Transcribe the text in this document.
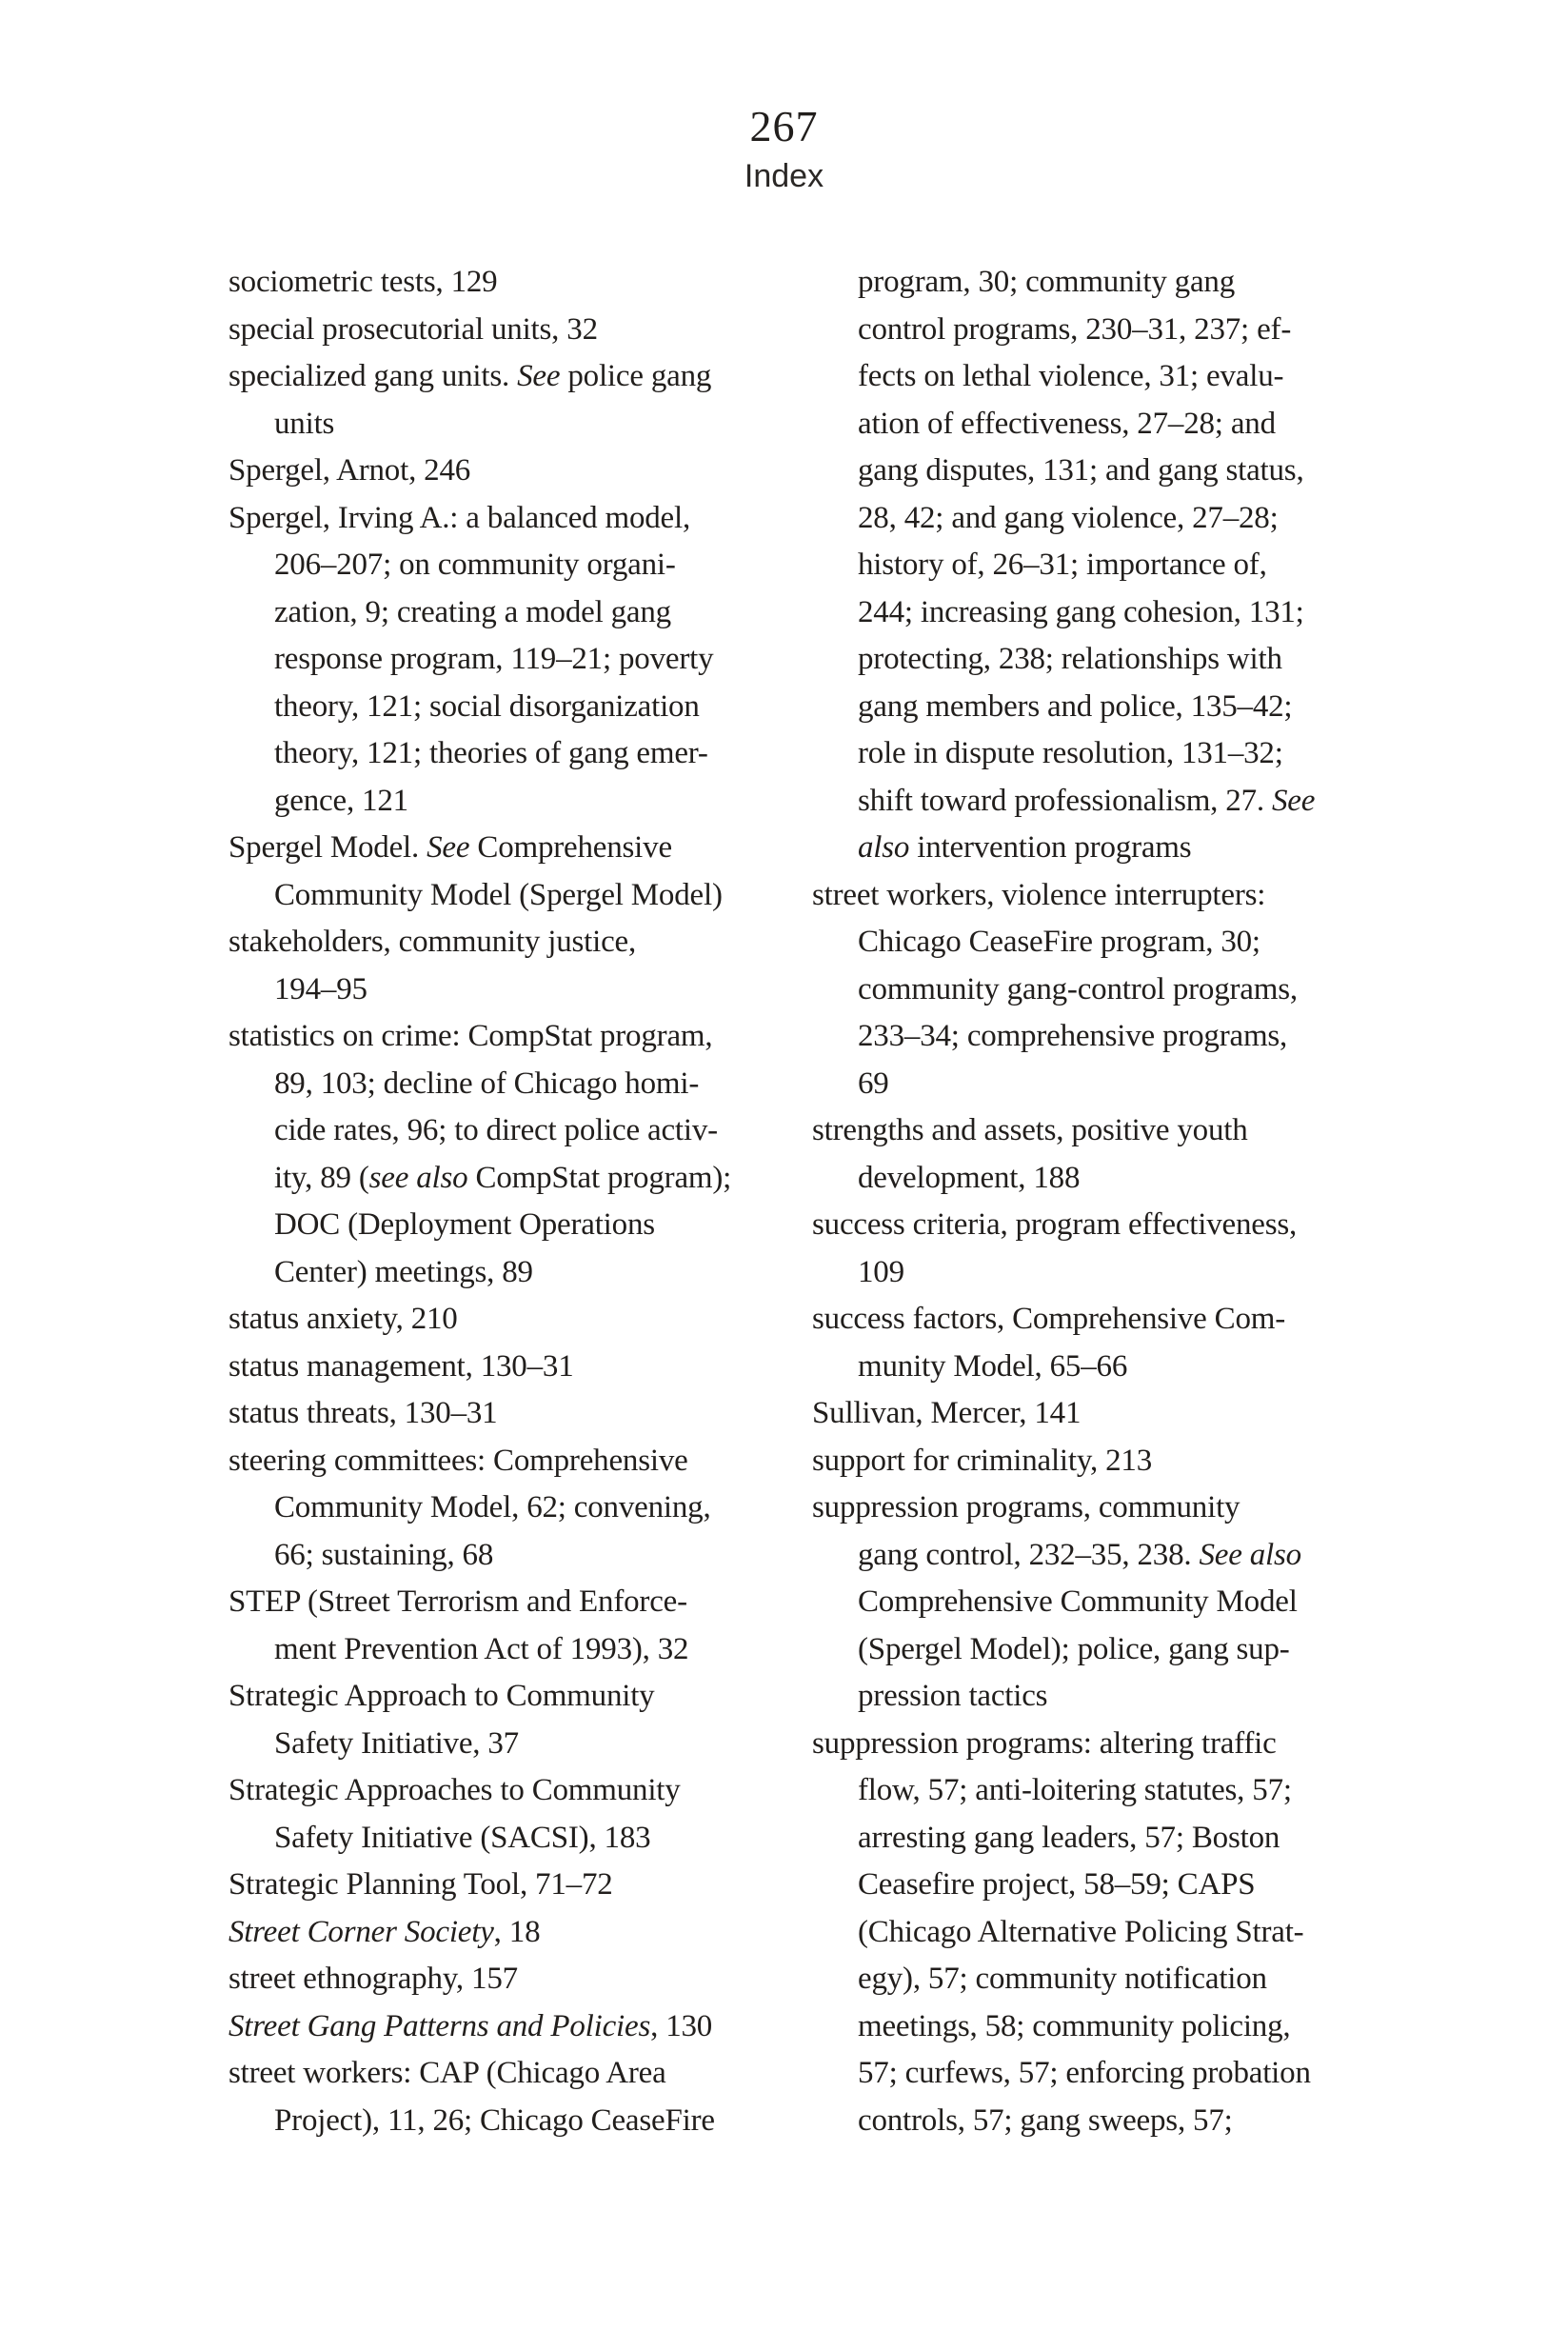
267
Index
sociometric tests, 129
special prosecutorial units, 32
specialized gang units. See police gang
units
Spergel, Arnot, 246
Spergel, Irving A.: a balanced model,
206–207; on community organi-
zation, 9; creating a model gang
response program, 119–21; poverty
theory, 121; social disorganization
theory, 121; theories of gang emer-
gence, 121
Spergel Model. See Comprehensive
Community Model (Spergel Model)
stakeholders, community justice,
194–95
statistics on crime: CompStat program,
89, 103; decline of Chicago homi-
cide rates, 96; to direct police activ-
ity, 89 (see also CompStat program);
DOC (Deployment Operations
Center) meetings, 89
status anxiety, 210
status management, 130–31
status threats, 130–31
steering committees: Comprehensive
Community Model, 62; convening,
66; sustaining, 68
STEP (Street Terrorism and Enforce-
ment Prevention Act of 1993), 32
Strategic Approach to Community
Safety Initiative, 37
Strategic Approaches to Community
Safety Initiative (SACSI), 183
Strategic Planning Tool, 71–72
Street Corner Society, 18
street ethnography, 157
Street Gang Patterns and Policies, 130
street workers: CAP (Chicago Area
Project), 11, 26; Chicago CeaseFire
program, 30; community gang
control programs, 230–31, 237; ef-
fects on lethal violence, 31; evalu-
ation of effectiveness, 27–28; and
gang disputes, 131; and gang status,
28, 42; and gang violence, 27–28;
history of, 26–31; importance of,
244; increasing gang cohesion, 131;
protecting, 238; relationships with
gang members and police, 135–42;
role in dispute resolution, 131–32;
shift toward professionalism, 27. See
also intervention programs
street workers, violence interrupters:
Chicago CeaseFire program, 30;
community gang-control programs,
233–34; comprehensive programs,
69
strengths and assets, positive youth
development, 188
success criteria, program effectiveness,
109
success factors, Comprehensive Com-
munity Model, 65–66
Sullivan, Mercer, 141
support for criminality, 213
suppression programs, community
gang control, 232–35, 238. See also
Comprehensive Community Model
(Spergel Model); police, gang sup-
pression tactics
suppression programs: altering traffic
flow, 57; anti-loitering statutes, 57;
arresting gang leaders, 57; Boston
Ceasefire project, 58–59; CAPS
(Chicago Alternative Policing Strat-
egy), 57; community notification
meetings, 58; community policing,
57; curfews, 57; enforcing probation
controls, 57; gang sweeps, 57;
